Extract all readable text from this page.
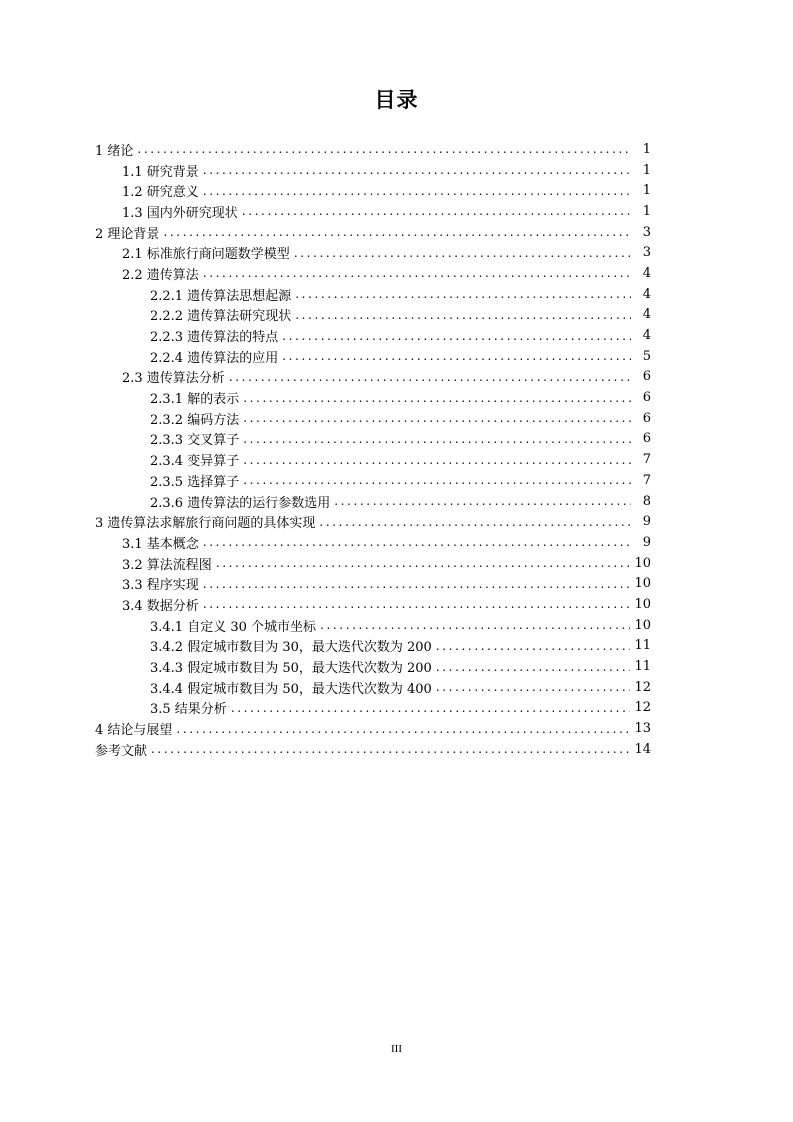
目录
1 绪论 .....	1
1.1 研究背景 .....	1
1.2 研究意义 .....	1
1.3 国内外研究现状 .....	1
2 理论背景 .....	3
2.1 标准旅行商问题数学模型 .....	3
2.2 遗传算法 .....	4
2.2.1 遗传算法思想起源 .....	4
2.2.2 遗传算法研究现状 .....	4
2.2.3 遗传算法的特点 .....	4
2.2.4 遗传算法的应用 .....	5
2.3 遗传算法分析 .....	6
2.3.1 解的表示 .....	6
2.3.2 编码方法 .....	6
2.3.3 交叉算子 .....	6
2.3.4 变异算子 .....	7
2.3.5 选择算子 .....	7
2.3.6 遗传算法的运行参数选用 .....	8
3 遗传算法求解旅行商问题的具体实现 .....	9
3.1 基本概念 .....	9
3.2 算法流程图 .....	10
3.3 程序实现 .....	10
3.4 数据分析 .....	10
3.4.1 自定义 30 个城市坐标 .....	10
3.4.2 假定城市数目为 30，最大迭代次数为 200 .....	11
3.4.3 假定城市数目为 50，最大迭代次数为 200 .....	11
3.4.4 假定城市数目为 50，最大迭代次数为 400 .....	12
3.5 结果分析 .....	12
4 结论与展望 .....	13
参考文献 .....	14
III
